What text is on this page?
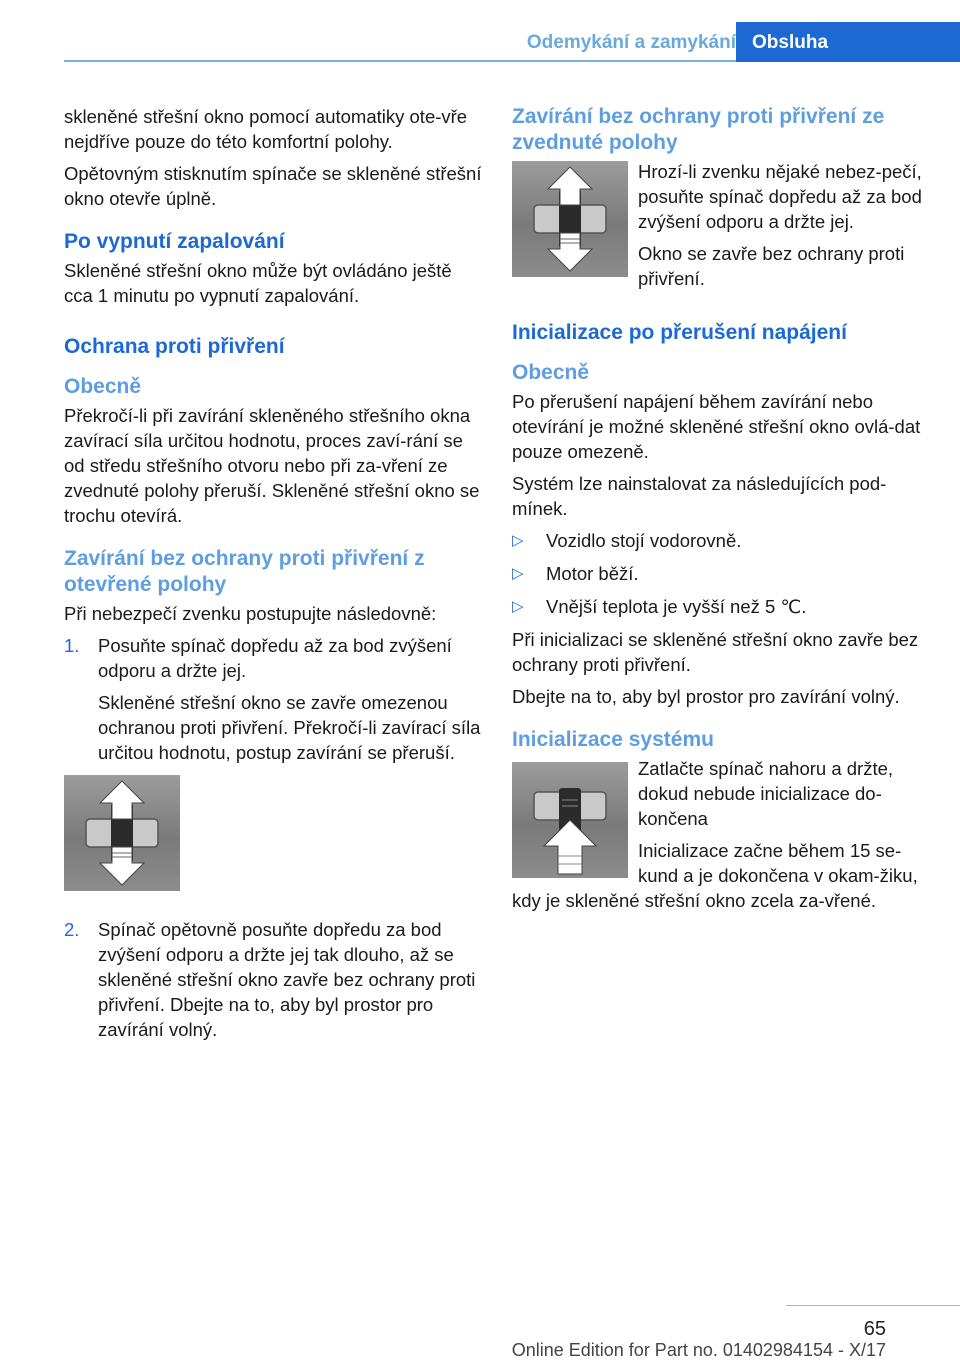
Odemykání a zamykání Obsluha

skleněné střešní okno pomocí automatiky ote‐vře nejdříve pouze do této komfortní polohy.

Opětovným stisknutím spínače se skleněné střešní okno otevře úplně.

Po vypnutí zapalování

Skleněné střešní okno může být ovládáno ještě cca 1 minutu po vypnutí zapalování.

Ochrana proti přivření
Obecně

Překročí-li při zavírání skleněného střešního okna zavírací síla určitou hodnotu, proces zaví‐rání se od středu střešního otvoru nebo při za‐vření ze zvednuté polohy přeruší. Skleněné střešní okno se trochu otevírá.

Zavírání bez ochrany proti přivření z otevřené polohy

Při nebezpečí zvenku postupujte následovně:

1. Posuňte spínač dopředu až za bod zvýšení odporu a držte jej.

Skleněné střešní okno se zavře omezenou ochranou proti přivření. Překročí-li zavírací síla určitou hodnotu, postup zavírání se přeruší.

2. Spínač opětovně posuňte dopředu za bod zvýšení odporu a držte jej tak dlouho, až se skleněné střešní okno zavře bez ochrany proti přivření. Dbejte na to, aby byl prostor pro zavírání volný.

Zavírání bez ochrany proti přivření ze zvednuté polohy

Hrozí-li zvenku nějaké nebez‐pečí, posuňte spínač dopředu až za bod zvýšení odporu a držte jej.

Okno se zavře bez ochrany proti přivření.

Inicializace po přerušení napájení
Obecně

Po přerušení napájení během zavírání nebo otevírání je možné skleněné střešní okno ovlá‐dat pouze omezeně.

Systém lze nainstalovat za následujících pod‐mínek.

▷ Vozidlo stojí vodorovně.
▷ Motor běží.
▷ Vnější teplota je vyšší než 5 ℃.

Při inicializaci se skleněné střešní okno zavře bez ochrany proti přivření.

Dbejte na to, aby byl prostor pro zavírání volný.

Inicializace systému

Zatlačte spínač nahoru a držte, dokud nebude inicializace do‐končena

Inicializace začne během 15 se‐kund a je dokončena v okam‐žiku, kdy je skleněné střešní okno zcela za‐vřené.

65
Online Edition for Part no. 01402984154 - X/17
